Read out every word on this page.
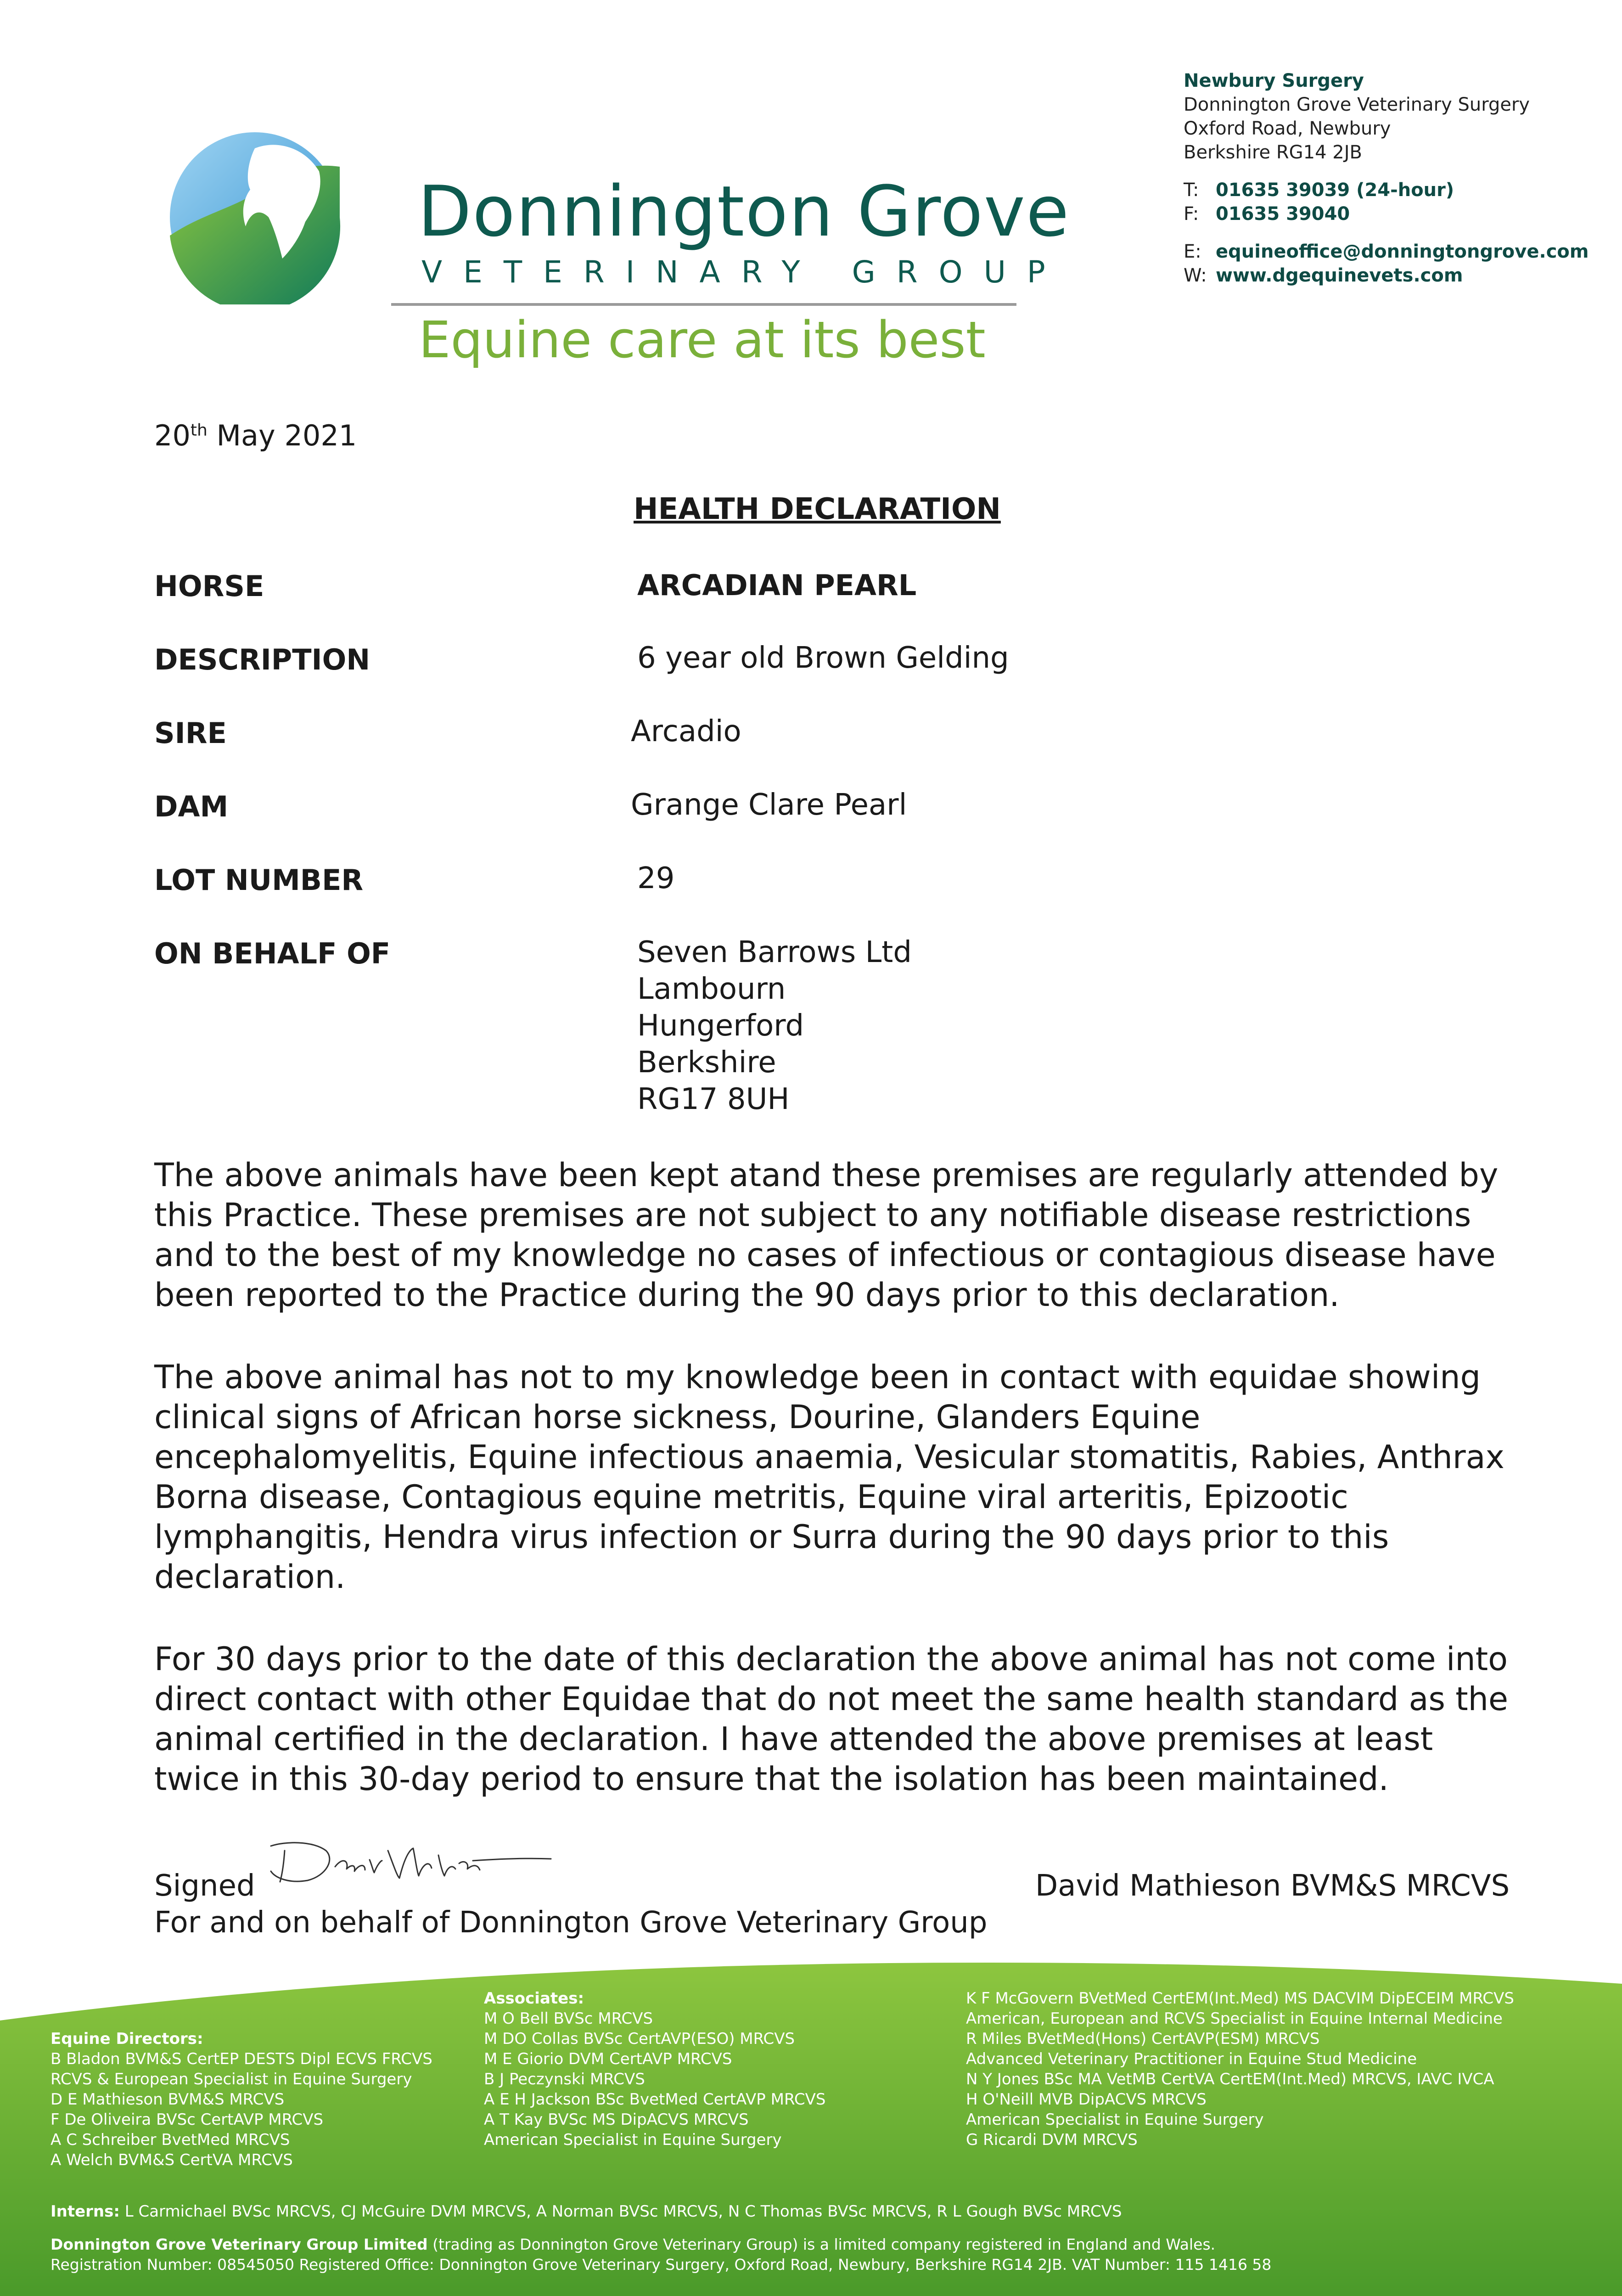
Donnington Grove
VETERINARY GROUP
Equine care at its best
Newbury Surgery
Donnington Grove Veterinary Surgery
Oxford Road, Newbury
Berkshire RG14 2JB
T: 01635 39039 (24-hour)
F: 01635 39040
E: equineoffice@donningtongrove.com
W: www.dgequinevets.com
20th May 2021
HEALTH DECLARATION
HORSE	ARCADIAN PEARL
DESCRIPTION	6 year old Brown Gelding
SIRE	Arcadio
DAM	Grange Clare Pearl
LOT NUMBER	29
ON BEHALF OF	Seven Barrows Ltd
Lambourn
Hungerford
Berkshire
RG17 8UH
The above animals have been kept atand these premises are regularly attended by this Practice. These premises are not subject to any notifiable disease restrictions and to the best of my knowledge no cases of infectious or contagious disease have been reported to the Practice during the 90 days prior to this declaration.
The above animal has not to my knowledge been in contact with equidae showing clinical signs of African horse sickness, Dourine, Glanders Equine encephalomyelitis, Equine infectious anaemia, Vesicular stomatitis, Rabies, Anthrax Borna disease, Contagious equine metritis, Equine viral arteritis, Epizootic lymphangitis, Hendra virus infection or Surra during the 90 days prior to this declaration.
For 30 days prior to the date of this declaration the above animal has not come into direct contact with other Equidae that do not meet the same health standard as the animal certified in the declaration. I have attended the above premises at least twice in this 30-day period to ensure that the isolation has been maintained.
Signed	David Mathieson BVM&S MRCVS
For and on behalf of Donnington Grove Veterinary Group
Equine Directors:
B Bladon BVM&S CertEP DESTS Dipl ECVS FRCVS
RCVS & European Specialist in Equine Surgery
D E Mathieson BVM&S MRCVS
F De Oliveira BVSc CertAVP MRCVS
A C Schreiber BvetMed MRCVS
A Welch BVM&S CertVA MRCVS
Associates:
M O Bell BVSc MRCVS
M DO Collas BVSc CertAVP(ESO) MRCVS
M E Giorio DVM CertAVP MRCVS
B J Peczynski MRCVS
A E H Jackson BSc BvetMed CertAVP MRCVS
A T Kay BVSc MS DipACVS MRCVS
American Specialist in Equine Surgery
K F McGovern BVetMed CertEM(Int.Med) MS DACVIM DipECEIM MRCVS
American, European and RCVS Specialist in Equine Internal Medicine
R Miles BVetMed(Hons) CertAVP(ESM) MRCVS
Advanced Veterinary Practitioner in Equine Stud Medicine
N Y Jones BSc MA VetMB CertVA CertEM(Int.Med) MRCVS, IAVC IVCA
H O'Neill MVB DipACVS MRCVS
American Specialist in Equine Surgery
G Ricardi DVM MRCVS
Interns: L Carmichael BVSc MRCVS, CJ McGuire DVM MRCVS, A Norman BVSc MRCVS, N C Thomas BVSc MRCVS, R L Gough BVSc MRCVS
Donnington Grove Veterinary Group Limited (trading as Donnington Grove Veterinary Group) is a limited company registered in England and Wales.
Registration Number: 08545050 Registered Office: Donnington Grove Veterinary Surgery, Oxford Road, Newbury, Berkshire RG14 2JB. VAT Number: 115 1416 58
